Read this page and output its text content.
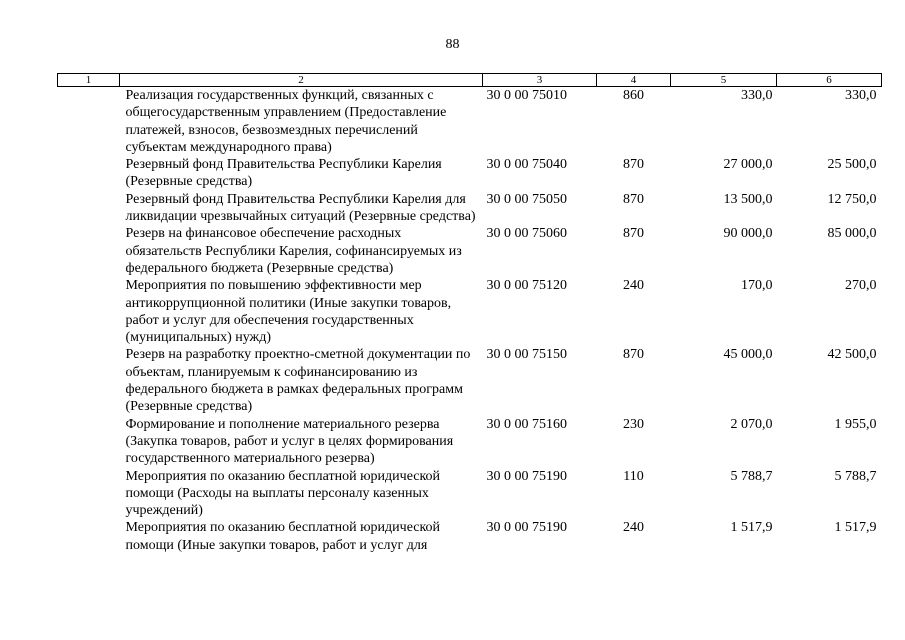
88
1	2	3	4	5	6
	Реализация государственных функций, связанных с общегосударственным управлением (Предоставление платежей, взносов, безвозмездных перечислений субъектам международного права)	30 0 00 75010	860	330,0	330,0
	Резервный фонд Правительства Республики Карелия (Резервные средства)	30 0 00 75040	870	27 000,0	25 500,0
	Резервный фонд Правительства Республики Карелия для ликвидации чрезвычайных ситуаций (Резервные средства)	30 0 00 75050	870	13 500,0	12 750,0
	Резерв на финансовое обеспечение расходных обязательств Республики Карелия, софинансируемых из федерального бюджета (Резервные средства)	30 0 00 75060	870	90 000,0	85 000,0
	Мероприятия по повышению эффективности мер антикоррупционной политики (Иные закупки товаров, работ и услуг для обеспечения государственных (муниципальных) нужд)	30 0 00 75120	240	170,0	270,0
	Резерв на разработку проектно-сметной документации по объектам, планируемым к софинансированию из федерального бюджета в рамках федеральных программ (Резервные средства)	30 0 00 75150	870	45 000,0	42 500,0
	Формирование и пополнение материального резерва (Закупка товаров, работ и услуг в целях формирования государственного материального резерва)	30 0 00 75160	230	2 070,0	1 955,0
	Мероприятия по оказанию бесплатной юридической помощи (Расходы на выплаты персоналу казенных учреждений)	30 0 00 75190	110	5 788,7	5 788,7
	Мероприятия по оказанию бесплатной юридической помощи (Иные закупки товаров, работ и услуг для	30 0 00 75190	240	1 517,9	1 517,9
